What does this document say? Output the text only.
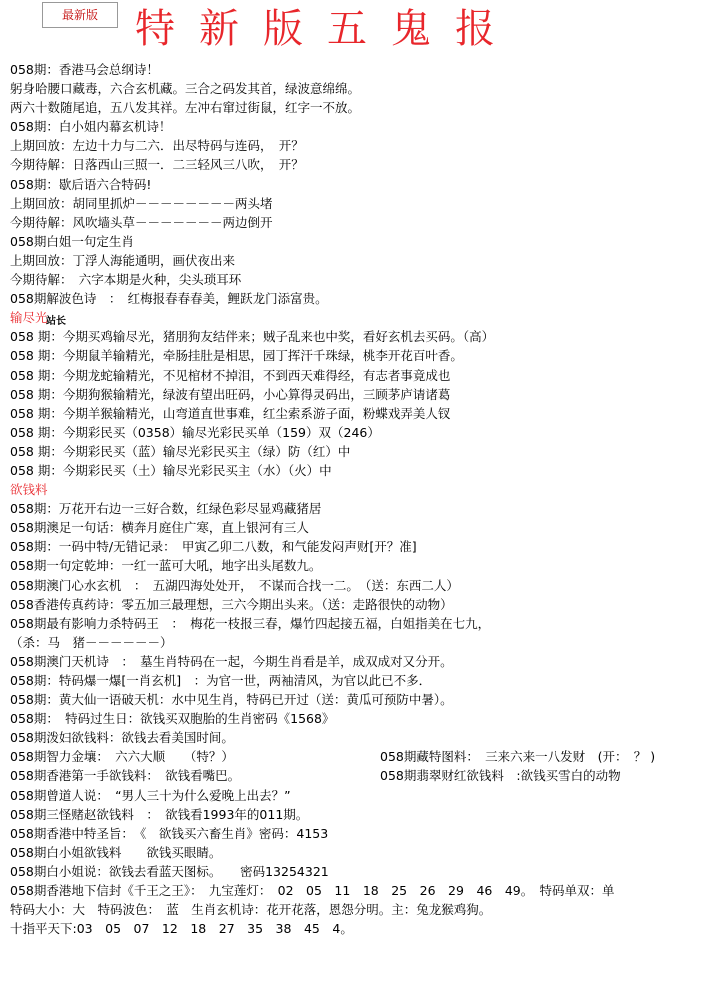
最新版 特新版五鬼报
058期：香港马会总纲诗！
躬身哈腰口藏毒，六合玄机藏。三合之码发其首，绿波意绵绵。
两六十数随尾追，五八发其祥。左冲右窜过街鼠，红字一不放。
058期：白小姐内幕玄机诗！
上期回放：左边十力与二六．出尽特码与连码，　开？
今期待解：日落西山三照一．二三轻风三八吹，　开？
058期：歇后语六合特码!
上期回放：胡同里抓炉－－－－－－－－两头堵
今期待解：风吹墙头草－－－－－－－两边倒开
058期白姐一句定生肖
上期回放：丁浮人海能通明，画伏夜出来
今期待解：　六字本期是火种，尖头琐耳环
058期解波色诗　：　红梅报春春春美，鲤跃龙门添富贵。
输尽光
058 期：今期买鸡输尽光，猪朋狗友结伴来；贼子乱来也中奖，看好玄机去买码。（高）
058 期：今期鼠羊输精光，牵肠挂肚是相思，园丁挥汗千珠绿，桃李开花百叶香。
058 期：今期龙蛇输精光，不见棺材不掉泪，不到西天难得经，有志者事竟成也
058 期：今期狗猴输精光，绿波有望出旺码，小心算得灵码出，三顾茅庐请诸葛
058 期：今期羊猴输精光，山弯道直世事难，红尘索系游子面，粉蝶戏弄美人钗
058 期：今期彩民买（0358）输尽光彩民买单（159）双（246）
058 期：今期彩民买（蓝）输尽光彩民买主（绿）防（红）中
058 期：今期彩民买（土）输尽光彩民买主（水）（火）中
欲钱料
058期：万花开右边一三好合数，红绿色彩尽显鸡藏猪居
058期澳足一句话：横奔月庭住广寒，直上银河有三人
058期：一码中特/无错记录：　甲寅乙卯二八数，和气能发闷声财[开？准]
058期一句定乾坤：一红一蓝可大吼，地字出头尾数九。
058期澳门心水玄机　：　五湖四海处处开，　不谋而合找一二。　（送：东西二人）
058香港传真药诗：零五加三最理想，三六今期出头来。（送：走路很快的动物）
058期最有影响力杀特码王　：　梅花一枝报三春，爆竹四起接五福，白姐指美在七九，
（杀：马　猪－－－－－－）
058期澳门天机诗　：　墓生肖特码在一起，今期生肖看是羊，成双成对又分开。
058期：特码爆一爆[一肖玄机]　：为官一世，两袖清风，为官以此已不多．
058期：黄大仙一语破天机：水中见生肖，特码已开过（送：黄瓜可预防中暑）。
058期：　特码过生日：欲钱买双胞胎的生肖密码《1568》
058期泼妇欲钱料：欲钱去看美国时间。
058期智力金壤：　六六大顺　　（特？）	058期藏特图料：　三来六来一八发财　(开：　？ )
058期香港第一手欲钱料：　欲钱看嘴巴。	058期翡翠财红欲钱料　:欲钱买雪白的动物
058期曾道人说：　“男人三十为什么爱晚上出去？”
058期三怪赌赵欲钱料　：　欲钱看1993年的011期。
058期香港中特圣旨：　《　欲钱买六畜生肖》密码：4153
058期白小姐欲钱料　　欲钱买眼睛。
058期白小姐说：欲钱去看蓝天图标。　　密码13254321
058期香港地下信封《千王之王》：　九宝莲灯：　02　05　11　18　25　26　29　46　49。　特码单双：单
特码大小：大　特码波色：　蓝　生肖玄机诗：花开花落，恩怨分明。主：兔龙猴鸡狗。
十指平天下:03　05　07　12　18　27　35　38　45　4。
站长
